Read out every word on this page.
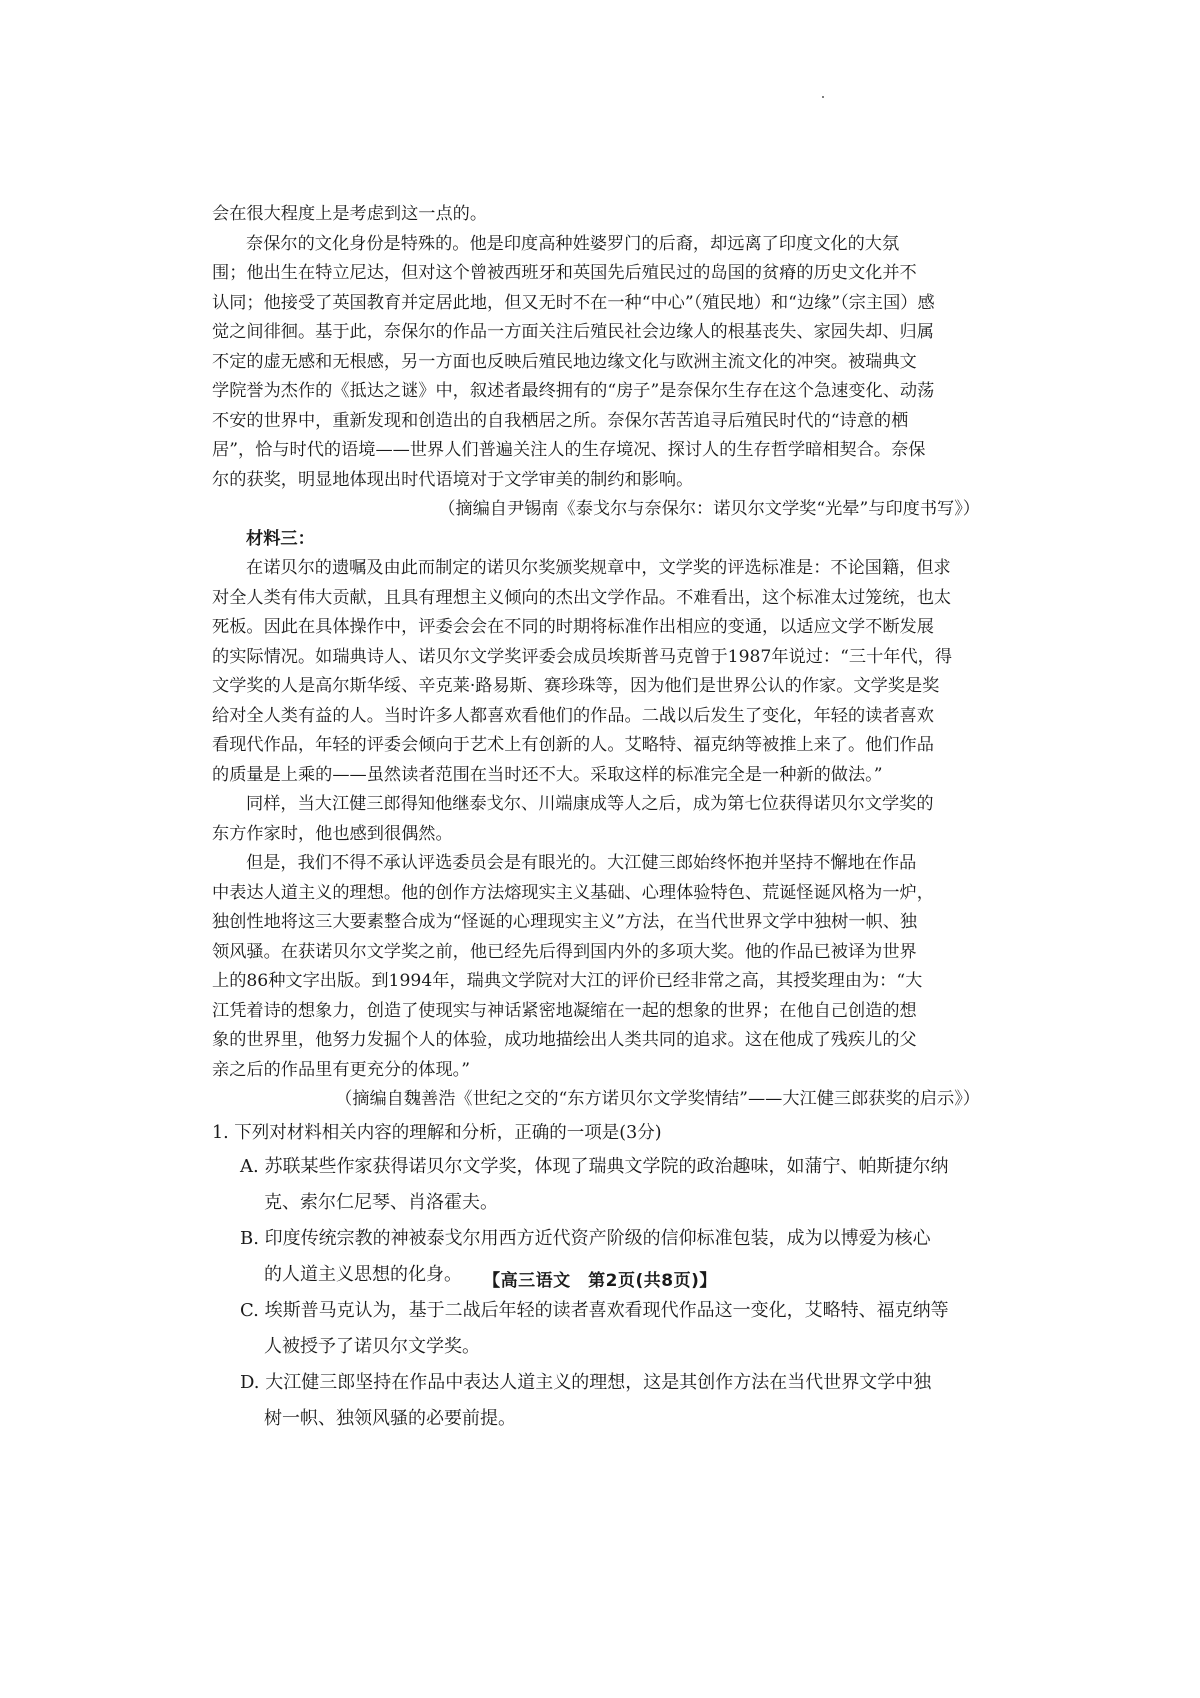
会在很大程度上是考虑到这一点的。
奈保尔的文化身份是特殊的。他是印度高种姓婆罗门的后裔，却远离了印度文化的大氛
围；他出生在特立尼达，但对这个曾被西班牙和英国先后殖民过的岛国的贫瘠的历史文化并不
认同；他接受了英国教育并定居此地，但又无时不在一种“中心”（殖民地）和“边缘”（宗主国）感
觉之间徘徊。基于此，奈保尔的作品一方面关注后殖民社会边缘人的根基丧失、家园失却、归属
不定的虚无感和无根感，另一方面也反映后殖民地边缘文化与欧洲主流文化的冲突。被瑞典文
学院誉为杰作的《抵达之谜》中，叙述者最终拥有的“房子”是奈保尔生存在这个急速变化、动荡
不安的世界中，重新发现和创造出的自我栖居之所。奈保尔苦苦追寻后殖民时代的“诗意的栖
居”，恰与时代的语境——世界人们普遍关注人的生存境况、探讨人的生存哲学暗相契合。奈保
尔的获奖，明显地体现出时代语境对于文学审美的制约和影响。
（摘编自尹锡南《泰戈尔与奈保尔：诺贝尔文学奖“光晕”与印度书写》）
材料三：
在诺贝尔的遗嘱及由此而制定的诺贝尔奖颁奖规章中，文学奖的评选标准是：不论国籍，但求
对全人类有伟大贡献，且具有理想主义倾向的杰出文学作品。不难看出，这个标准太过笼统，也太
死板。因此在具体操作中，评委会会在不同的时期将标准作出相应的变通，以适应文学不断发展
的实际情况。如瑞典诗人、诺贝尔文学奖评委会成员埃斯普马克曾于1987年说过：“三十年代，得
文学奖的人是高尔斯华绥、辛克莱·路易斯、赛珍珠等，因为他们是世界公认的作家。文学奖是奖
给对全人类有益的人。当时许多人都喜欢看他们的作品。二战以后发生了变化，年轻的读者喜欢
看现代作品，年轻的评委会倾向于艺术上有创新的人。艾略特、福克纳等被推上来了。他们作品
的质量是上乘的——虽然读者范围在当时还不大。采取这样的标准完全是一种新的做法。”
同样，当大江健三郎得知他继泰戈尔、川端康成等人之后，成为第七位获得诺贝尔文学奖的
东方作家时，他也感到很偶然。
但是，我们不得不承认评选委员会是有眼光的。大江健三郎始终怀抱并坚持不懈地在作品
中表达人道主义的理想。他的创作方法熔现实主义基础、心理体验特色、荒诞怪诞风格为一炉，
独创性地将这三大要素整合成为“怪诞的心理现实主义”方法，在当代世界文学中独树一帜、独
领风骚。在获诺贝尔文学奖之前，他已经先后得到国内外的多项大奖。他的作品已被译为世界
上的86种文字出版。到1994年，瑞典文学院对大江的评价已经非常之高，其授奖理由为：“大
江凭着诗的想象力，创造了使现实与神话紧密地凝缩在一起的想象的世界；在他自己创造的想
象的世界里，他努力发掘个人的体验，成功地描绘出人类共同的追求。这在他成了残疾儿的父
亲之后的作品里有更充分的体现。”
（摘编自魏善浩《世纪之交的“东方诺贝尔文学奖情结”——大江健三郎获奖的启示》）
1. 下列对材料相关内容的理解和分析，正确的一项是(3分)
A. 苏联某些作家获得诺贝尔文学奖，体现了瑞典文学院的政治趣味，如蒲宁、帕斯捷尔纳
克、索尔仁尼琴、肖洛霍夫。
B. 印度传统宗教的神被泰戈尔用西方近代资产阶级的信仰标准包装，成为以博爱为核心
的人道主义思想的化身。
C. 埃斯普马克认为，基于二战后年轻的读者喜欢看现代作品这一变化，艾略特、福克纳等
人被授予了诺贝尔文学奖。
D. 大江健三郎坚持在作品中表达人道主义的理想，这是其创作方法在当代世界文学中独
树一帜、独领风骚的必要前提。
【高三语文　第2页(共8页)】
